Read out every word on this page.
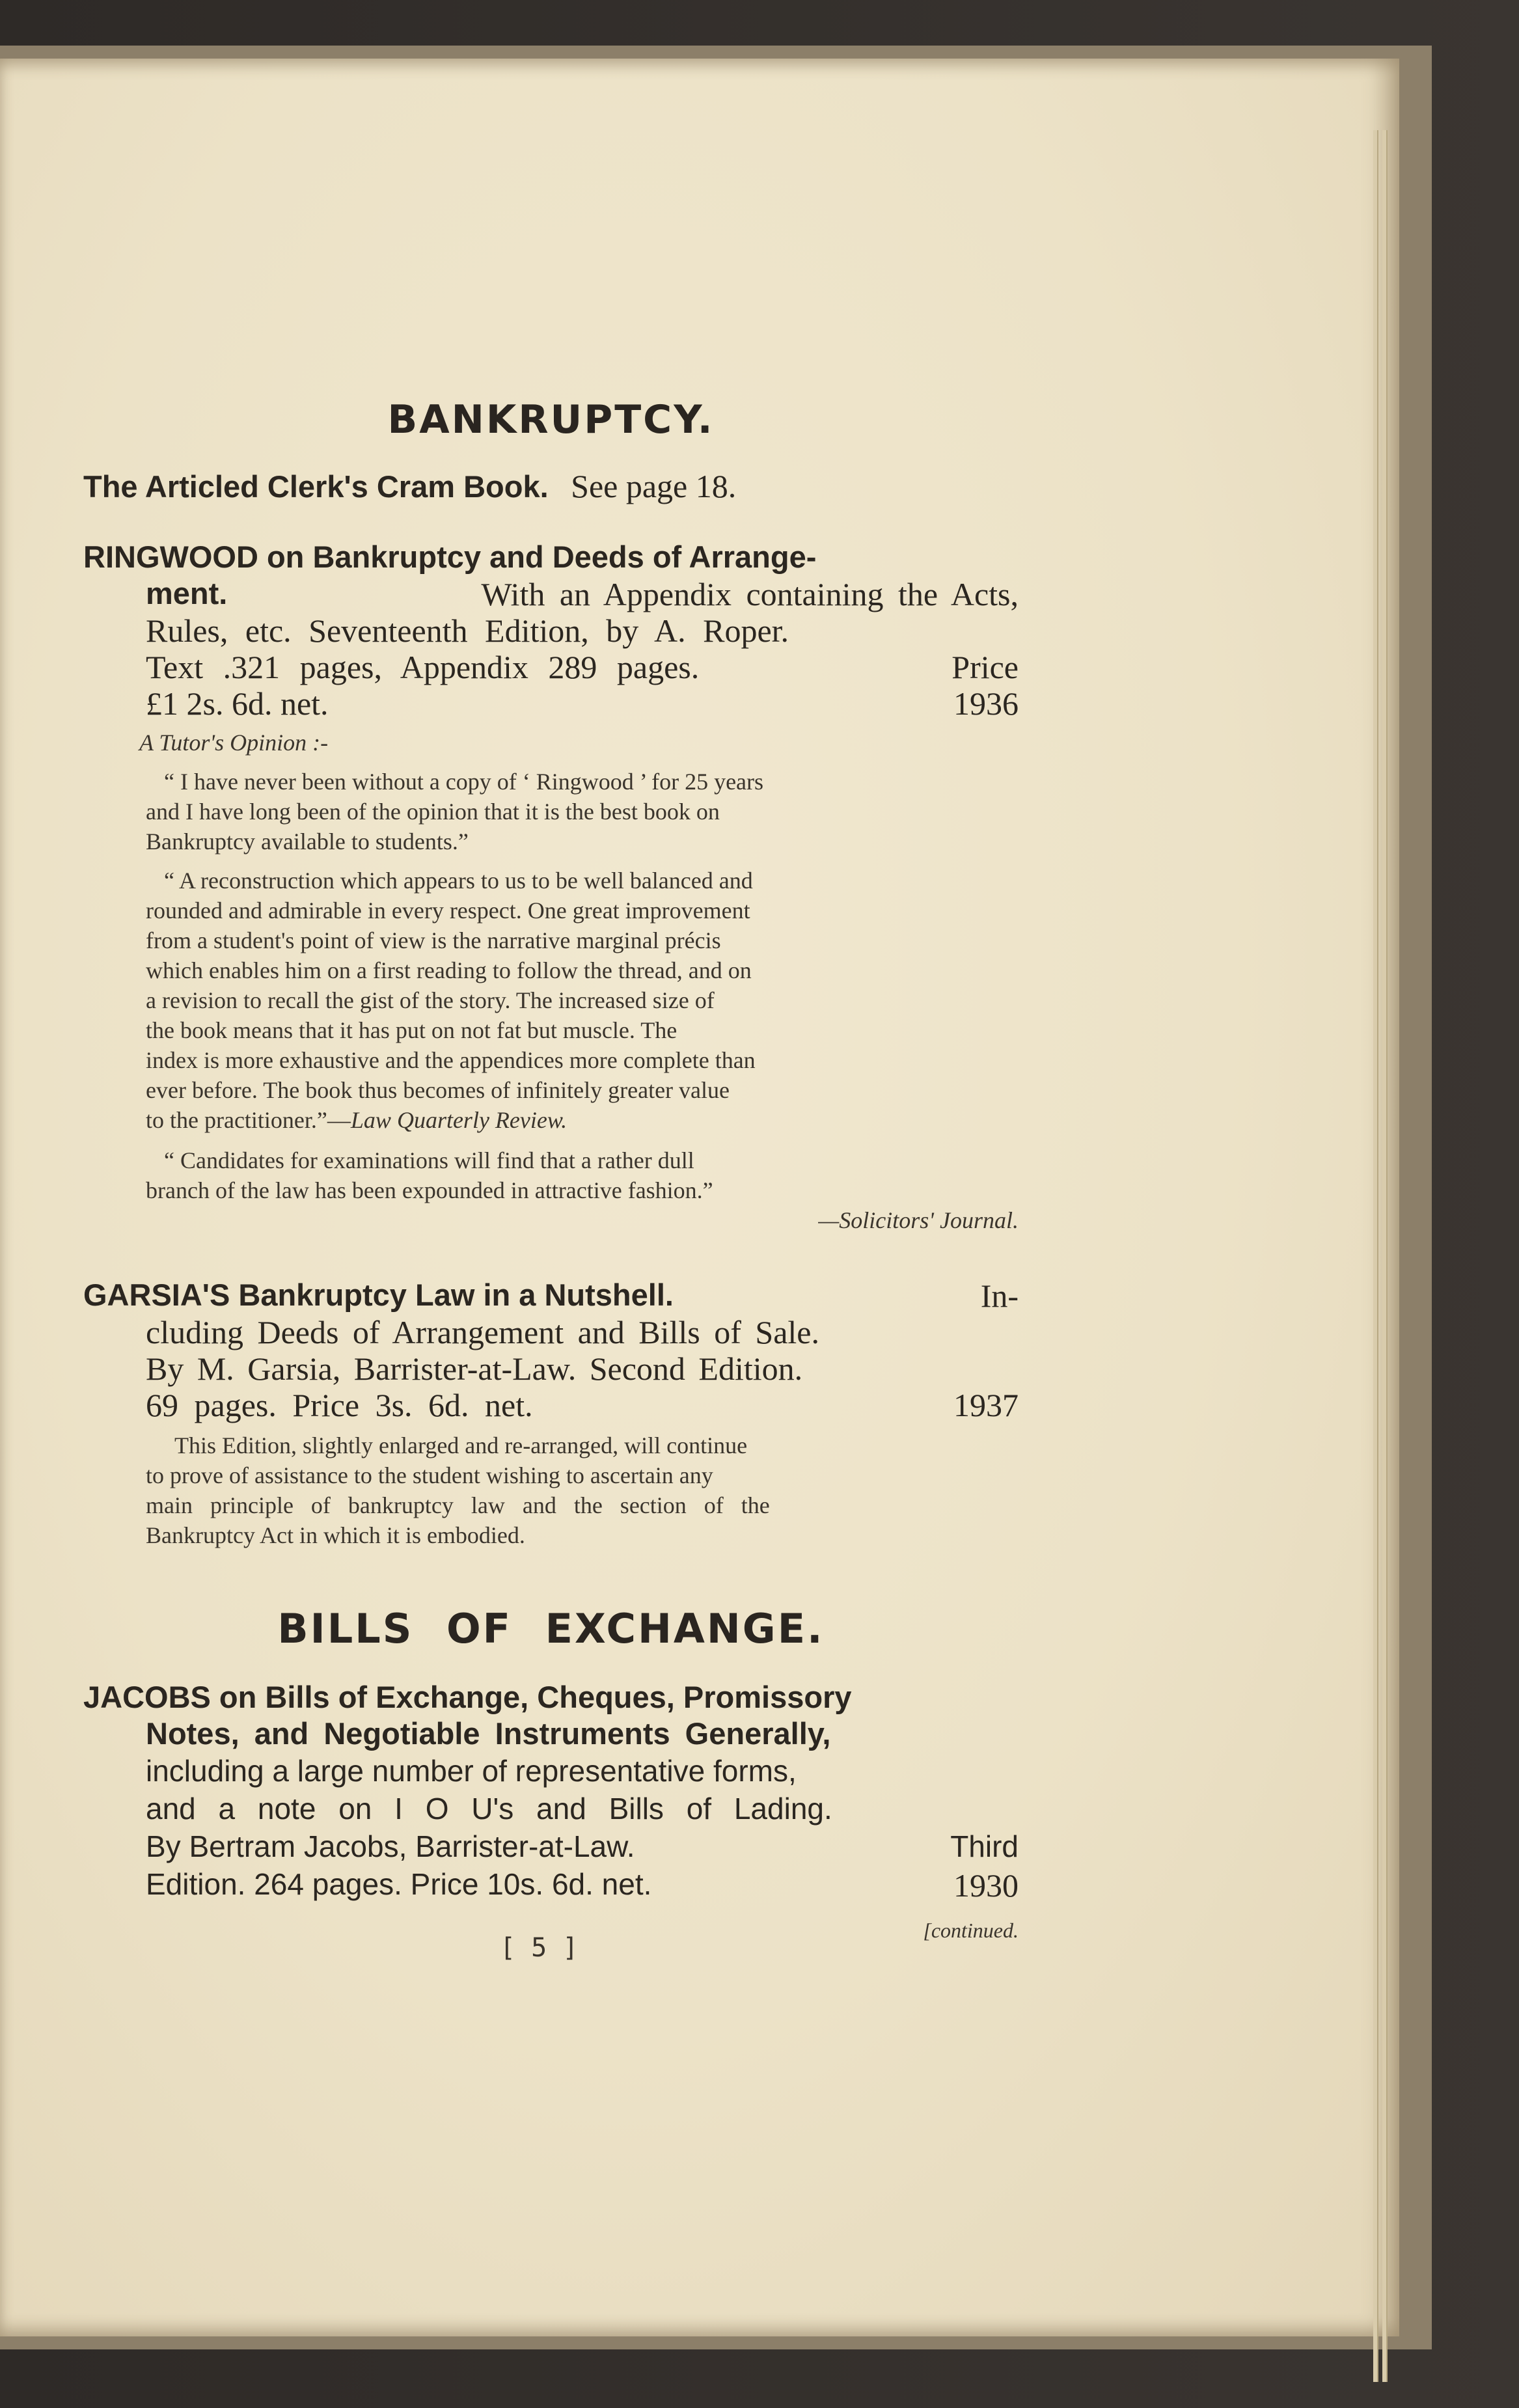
BANKRUPTCY.
The Articled Clerk's Cram Book. See page 18.
RINGWOOD on Bankruptcy and Deeds of Arrange-
ment.	With an Appendix containing the Acts,
Rules, etc. Seventeenth Edition, by A. Roper.
Text .321 pages, Appendix 289 pages.	Price
£1 2s. 6d. net.	1936
A Tutor's Opinion :-
“ I have never been without a copy of ‘ Ringwood ’ for 25 years
and I have long been of the opinion that it is the best book on
Bankruptcy available to students.”
“ A reconstruction which appears to us to be well balanced and
rounded and admirable in every respect. One great improvement
from a student's point of view is the narrative marginal précis
which enables him on a first reading to follow the thread, and on
a revision to recall the gist of the story. The increased size of
the book means that it has put on not fat but muscle. The
index is more exhaustive and the appendices more complete than
ever before. The book thus becomes of infinitely greater value
to the practitioner.”—Law Quarterly Review.
“ Candidates for examinations will find that a rather dull
branch of the law has been expounded in attractive fashion.”
—Solicitors' Journal.
GARSIA'S Bankruptcy Law in a Nutshell.	In-
cluding Deeds of Arrangement and Bills of Sale.
By M. Garsia, Barrister-at-Law. Second Edition.
69 pages. Price 3s. 6d. net.	1937
This Edition, slightly enlarged and re-arranged, will continue
to prove of assistance to the student wishing to ascertain any
main principle of bankruptcy law and the section of the
Bankruptcy Act in which it is embodied.
BILLS OF EXCHANGE.
JACOBS on Bills of Exchange, Cheques, Promissory
Notes, and Negotiable Instruments Generally,
including a large number of representative forms,
and a note on I O U's and Bills of Lading.
By Bertram Jacobs, Barrister-at-Law.	Third
Edition. 264 pages. Price 10s. 6d. net.	1930
[continued.
[ 5 ]
